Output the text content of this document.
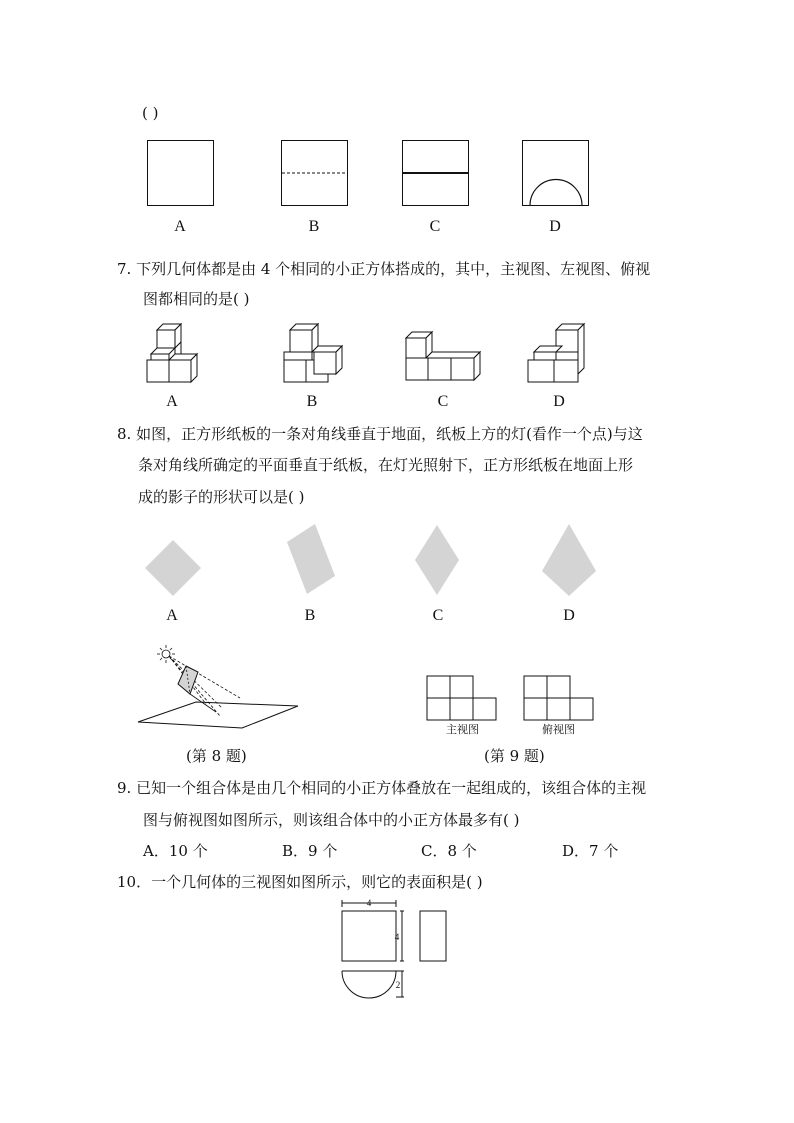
( )
A	B	C	D
7. 下列几何体都是由 4 个相同的小正方体搭成的，其中，主视图、左视图、俯视
图都相同的是( )
A	B	C	D
8. 如图，正方形纸板的一条对角线垂直于地面，纸板上方的灯(看作一个点)与这
条对角线所确定的平面垂直于纸板，在灯光照射下，正方形纸板在地面上形
成的影子的形状可以是( )
A	B	C	D
(第 8 题)
主视图	俯视图
(第 9 题)
9. 已知一个组合体是由几个相同的小正方体叠放在一起组成的，该组合体的主视
图与俯视图如图所示，则该组合体中的小正方体最多有( )
A．10 个	B．9 个	C．8 个	D．7 个
10．一个几何体的三视图如图所示，则它的表面积是( )
4
4
2
